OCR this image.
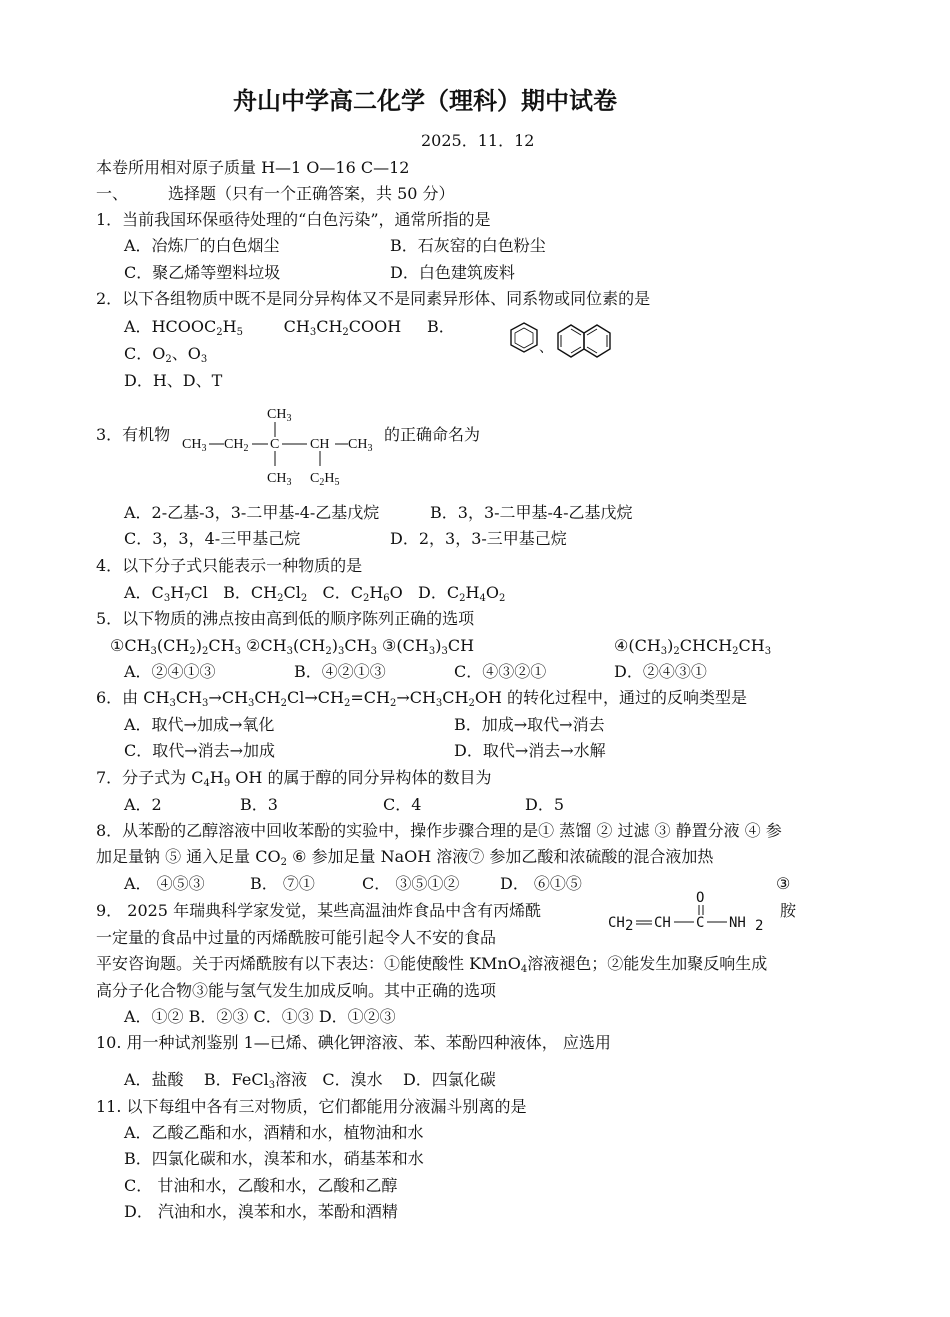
舟山中学高二化学（理科）期中试卷
2025．11．12
本卷所用相对原子质量 H—1 O—16 C—12
一、 选择题（只有一个正确答案，共 50 分）
1．当前我国环保亟待处理的“白色污染”，通常所指的是
A．冶炼厂的白色烟尘	B．石灰窑的白色粉尘
C．聚乙烯等塑料垃圾	D．白色建筑废料
2．以下各组物质中既不是同分异构体又不是同素异形体、同系物或同位素的是
A．$HCOOC_2H_5$        $CH_3CH_2COOH$ B．
、
C．$O_2$、$O_3$
D．H、D、T
3．有机物
$CH_3$
$CH_3$ $CH_2$ C CH $CH_3$
$CH_3$ $C_2H_5$
的正确命名为
A．2-乙基-3，3-二甲基-4-乙基戊烷	B．3，3-二甲基-4-乙基戊烷
C．3，3，4-三甲基己烷	D．2，3，3-三甲基己烷
4．以下分子式只能表示一种物质的是
A．$C_3H_7Cl$   B．$CH_2Cl_2$   C．$C_2H_6O$   D．$C_2H_4O_2$
5．以下物质的沸点按由高到低的顺序陈列正确的选项
$①CH_3(CH_2)_2CH_3$ $②CH_3(CH_2)_3CH_3$ $③(CH_3)_3CH$	$④(CH_3)_2CHCH_2CH_3$
A．②④①③	B．④②①③	C．④③②①	D．②④③①
6．由 $CH_3CH_3\to CH_3CH_2Cl\to CH_2=CH_2\to CH_3CH_2OH$ 的转化过程中，通过的反响类型是
A．取代→加成→氧化	B．加成→取代→消去
C．取代→消去→加成	D．取代→消去→水解
7．分子式为 $C_4H_9$ OH 的属于醇的同分异构体的数目为
A．2	B．3	C．4	D．5
8．从苯酚的乙醇溶液中回收苯酚的实验中，操作步骤合理的是① 蒸馏 ② 过滤 ③ 静置分液 ④ 参
加足量钠 ⑤ 通入足量 $CO_2$ ⑥ 参加足量 NaOH 溶液⑦ 参加乙酸和浓硫酸的混合液加热
A． ④⑤③	B． ⑦①	C． ③⑤①②	D． ⑥①⑤	③
9． 2025 年瑞典科学家发觉，某些高温油炸食品中含有丙烯酰
CH 2 CH C
O
NH 2
胺
一定量的食品中过量的丙烯酰胺可能引起令人不安的食品
平安咨询题。关于丙烯酰胺有以下表达：①能使酸性 KMnO$_4$溶液褪色；②能发生加聚反响生成
高分子化合物③能与氢气发生加成反响。其中正确的选项
A．①② B．②③ C．①③ D．①②③
10. 用一种试剂鉴别 1—已烯、碘化钾溶液、苯、苯酚四种液体， 应选用
A．盐酸    B．FeCl$_3$溶液   C．溴水    D．四氯化碳
11. 以下每组中各有三对物质，它们都能用分液漏斗别离的是
A．乙酸乙酯和水，酒精和水，植物油和水
B．四氯化碳和水，溴苯和水，硝基苯和水
C． 甘油和水，乙酸和水，乙酸和乙醇
D． 汽油和水，溴苯和水，苯酚和酒精
